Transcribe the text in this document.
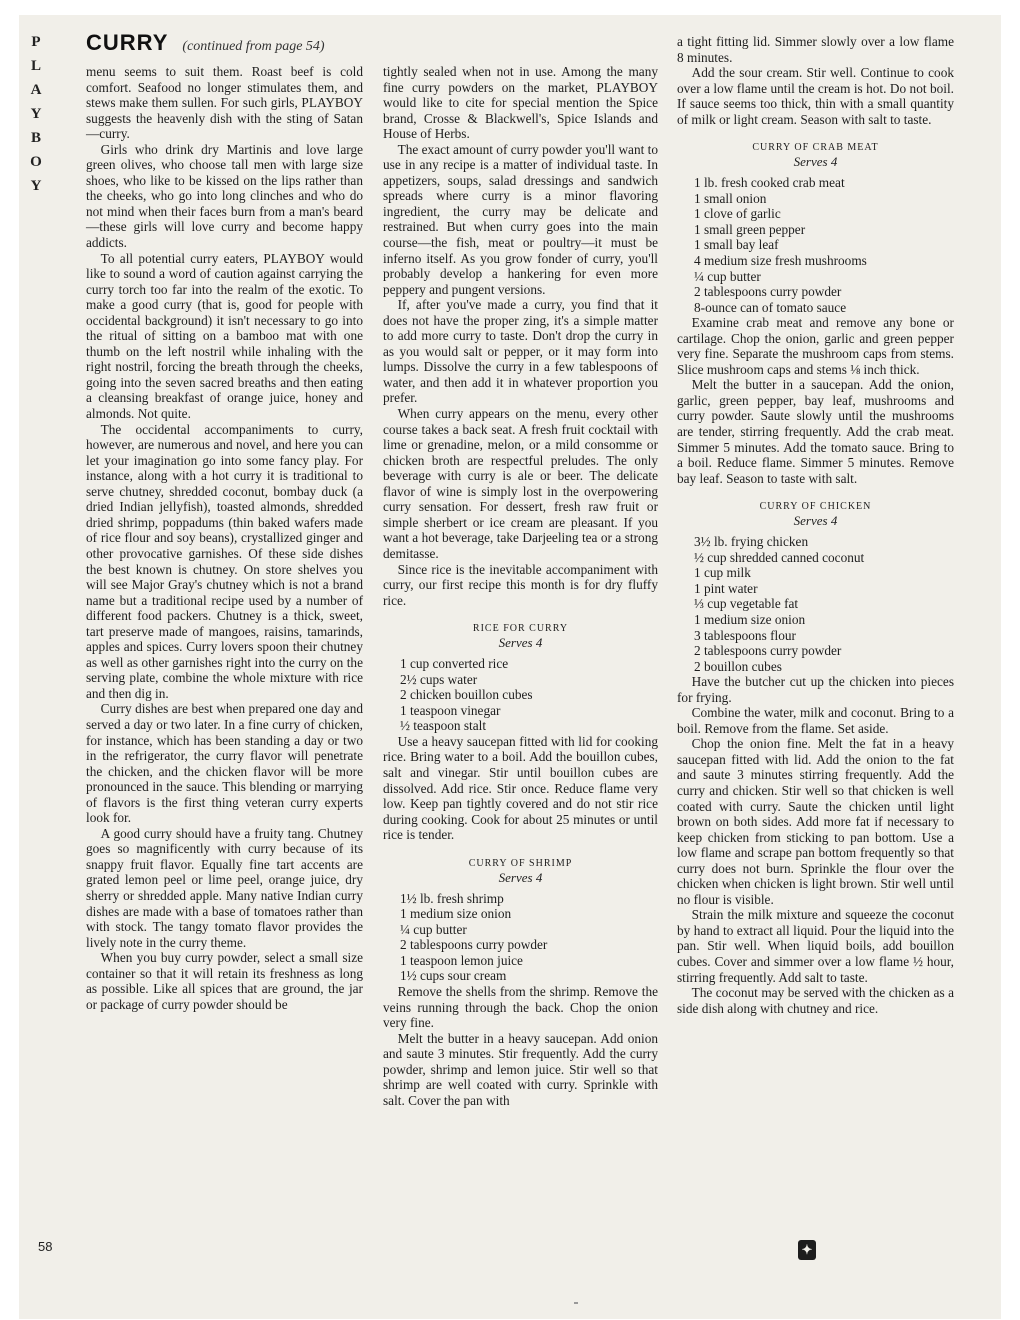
P
L
A
Y
B
O
Y
58
CURRY (continued from page 54)

menu seems to suit them. Roast beef is cold comfort. Seafood no longer stimulates them, and stews make them sullen. For such girls, PLAYBOY suggests the heavenly dish with the sting of Satan—curry.

Girls who drink dry Martinis and love large green olives, who choose tall men with large size shoes, who like to be kissed on the lips rather than the cheeks, who go into long clinches and who do not mind when their faces burn from a man's beard—these girls will love curry and become happy addicts.

To all potential curry eaters, PLAYBOY would like to sound a word of caution against carrying the curry torch too far into the realm of the exotic. To make a good curry (that is, good for people with occidental background) it isn't necessary to go into the ritual of sitting on a bamboo mat with one thumb on the left nostril while inhaling with the right nostril, forcing the breath through the cheeks, going into the seven sacred breaths and then eating a cleansing breakfast of orange juice, honey and almonds. Not quite.

The occidental accompaniments to curry, however, are numerous and novel, and here you can let your imagination go into some fancy play. For instance, along with a hot curry it is traditional to serve chutney, shredded coconut, bombay duck (a dried Indian jellyfish), toasted almonds, shredded dried shrimp, poppadums (thin baked wafers made of rice flour and soy beans), crystallized ginger and other provocative garnishes. Of these side dishes the best known is chutney. On store shelves you will see Major Gray's chutney which is not a brand name but a traditional recipe used by a number of different food packers. Chutney is a thick, sweet, tart preserve made of mangoes, raisins, tamarinds, apples and spices. Curry lovers spoon their chutney as well as other garnishes right into the curry on the serving plate, combine the whole mixture with rice and then dig in.

Curry dishes are best when prepared one day and served a day or two later. In a fine curry of chicken, for instance, which has been standing a day or two in the refrigerator, the curry flavor will penetrate the chicken, and the chicken flavor will be more pronounced in the sauce. This blending or marrying of flavors is the first thing veteran curry experts look for.

A good curry should have a fruity tang. Chutney goes so magnificently with curry because of its snappy fruit flavor. Equally fine tart accents are grated lemon peel or lime peel, orange juice, dry sherry or shredded apple. Many native Indian curry dishes are made with a base of tomatoes rather than with stock. The tangy tomato flavor provides the lively note in the curry theme.

When you buy curry powder, select a small size container so that it will retain its freshness as long as possible. Like all spices that are ground, the jar or package of curry powder should be

tightly sealed when not in use. Among the many fine curry powders on the market, PLAYBOY would like to cite for special mention the Spice brand, Crosse & Blackwell's, Spice Islands and House of Herbs.

The exact amount of curry powder you'll want to use in any recipe is a matter of individual taste. In appetizers, soups, salad dressings and sandwich spreads where curry is a minor flavoring ingredient, the curry may be delicate and restrained. But when curry goes into the main course—the fish, meat or poultry—it must be inferno itself. As you grow fonder of curry, you'll probably develop a hankering for even more peppery and pungent versions.

If, after you've made a curry, you find that it does not have the proper zing, it's a simple matter to add more curry to taste. Don't drop the curry in as you would salt or pepper, or it may form into lumps. Dissolve the curry in a few tablespoons of water, and then add it in whatever proportion you prefer.

When curry appears on the menu, every other course takes a back seat. A fresh fruit cocktail with lime or grenadine, melon, or a mild consomme or chicken broth are respectful preludes. The only beverage with curry is ale or beer. The delicate flavor of wine is simply lost in the overpowering curry sensation. For dessert, fresh raw fruit or simple sherbert or ice cream are pleasant. If you want a hot beverage, take Darjeeling tea or a strong demitasse.

Since rice is the inevitable accompaniment with curry, our first recipe this month is for dry fluffy rice.

RICE FOR CURRY
Serves 4
1 cup converted rice
2½ cups water
2 chicken bouillon cubes
1 teaspoon vinegar
½ teaspoon stalt

Use a heavy saucepan fitted with lid for cooking rice. Bring water to a boil. Add the bouillon cubes, salt and vinegar. Stir until bouillon cubes are dissolved. Add rice. Stir once. Reduce flame very low. Keep pan tightly covered and do not stir rice during cooking. Cook for about 25 minutes or until rice is tender.

CURRY OF SHRIMP
Serves 4
1½ lb. fresh shrimp
1 medium size onion
¼ cup butter
2 tablespoons curry powder
1 teaspoon lemon juice
1½ cups sour cream

Remove the shells from the shrimp. Remove the veins running through the back. Chop the onion very fine.

Melt the butter in a heavy saucepan. Add onion and saute 3 minutes. Stir frequently. Add the curry powder, shrimp and lemon juice. Stir well so that shrimp are well coated with curry. Sprinkle with salt. Cover the pan with

a tight fitting lid. Simmer slowly over a low flame 8 minutes.

Add the sour cream. Stir well. Continue to cook over a low flame until the cream is hot. Do not boil. If sauce seems too thick, thin with a small quantity of milk or light cream. Season with salt to taste.

CURRY OF CRAB MEAT
Serves 4
1 lb. fresh cooked crab meat
1 small onion
1 clove of garlic
1 small green pepper
1 small bay leaf
4 medium size fresh mushrooms
¼ cup butter
2 tablespoons curry powder
8-ounce can of tomato sauce

Examine crab meat and remove any bone or cartilage. Chop the onion, garlic and green pepper very fine. Separate the mushroom caps from stems. Slice mushroom caps and stems ⅛ inch thick.

Melt the butter in a saucepan. Add the onion, garlic, green pepper, bay leaf, mushrooms and curry powder. Saute slowly until the mushrooms are tender, stirring frequently. Add the crab meat. Simmer 5 minutes. Add the tomato sauce. Bring to a boil. Reduce flame. Simmer 5 minutes. Remove bay leaf. Season to taste with salt.

CURRY OF CHICKEN
Serves 4
3½ lb. frying chicken
½ cup shredded canned coconut
1 cup milk
1 pint water
⅓ cup vegetable fat
1 medium size onion
3 tablespoons flour
2 tablespoons curry powder
2 bouillon cubes

Have the butcher cut up the chicken into pieces for frying.

Combine the water, milk and coconut. Bring to a boil. Remove from the flame. Set aside.

Chop the onion fine. Melt the fat in a heavy saucepan fitted with lid. Add the onion to the fat and saute 3 minutes stirring frequently. Add the curry and chicken. Stir well so that chicken is well coated with curry. Saute the chicken until light brown on both sides. Add more fat if necessary to keep chicken from sticking to pan bottom. Use a low flame and scrape pan bottom frequently so that curry does not burn. Sprinkle the flour over the chicken when chicken is light brown. Stir well until no flour is visible.

Strain the milk mixture and squeeze the coconut by hand to extract all liquid. Pour the liquid into the pan. Stir well. When liquid boils, add bouillon cubes. Cover and simmer over a low flame ½ hour, stirring frequently. Add salt to taste.

The coconut may be served with the chicken as a side dish along with chutney and rice.

✦
